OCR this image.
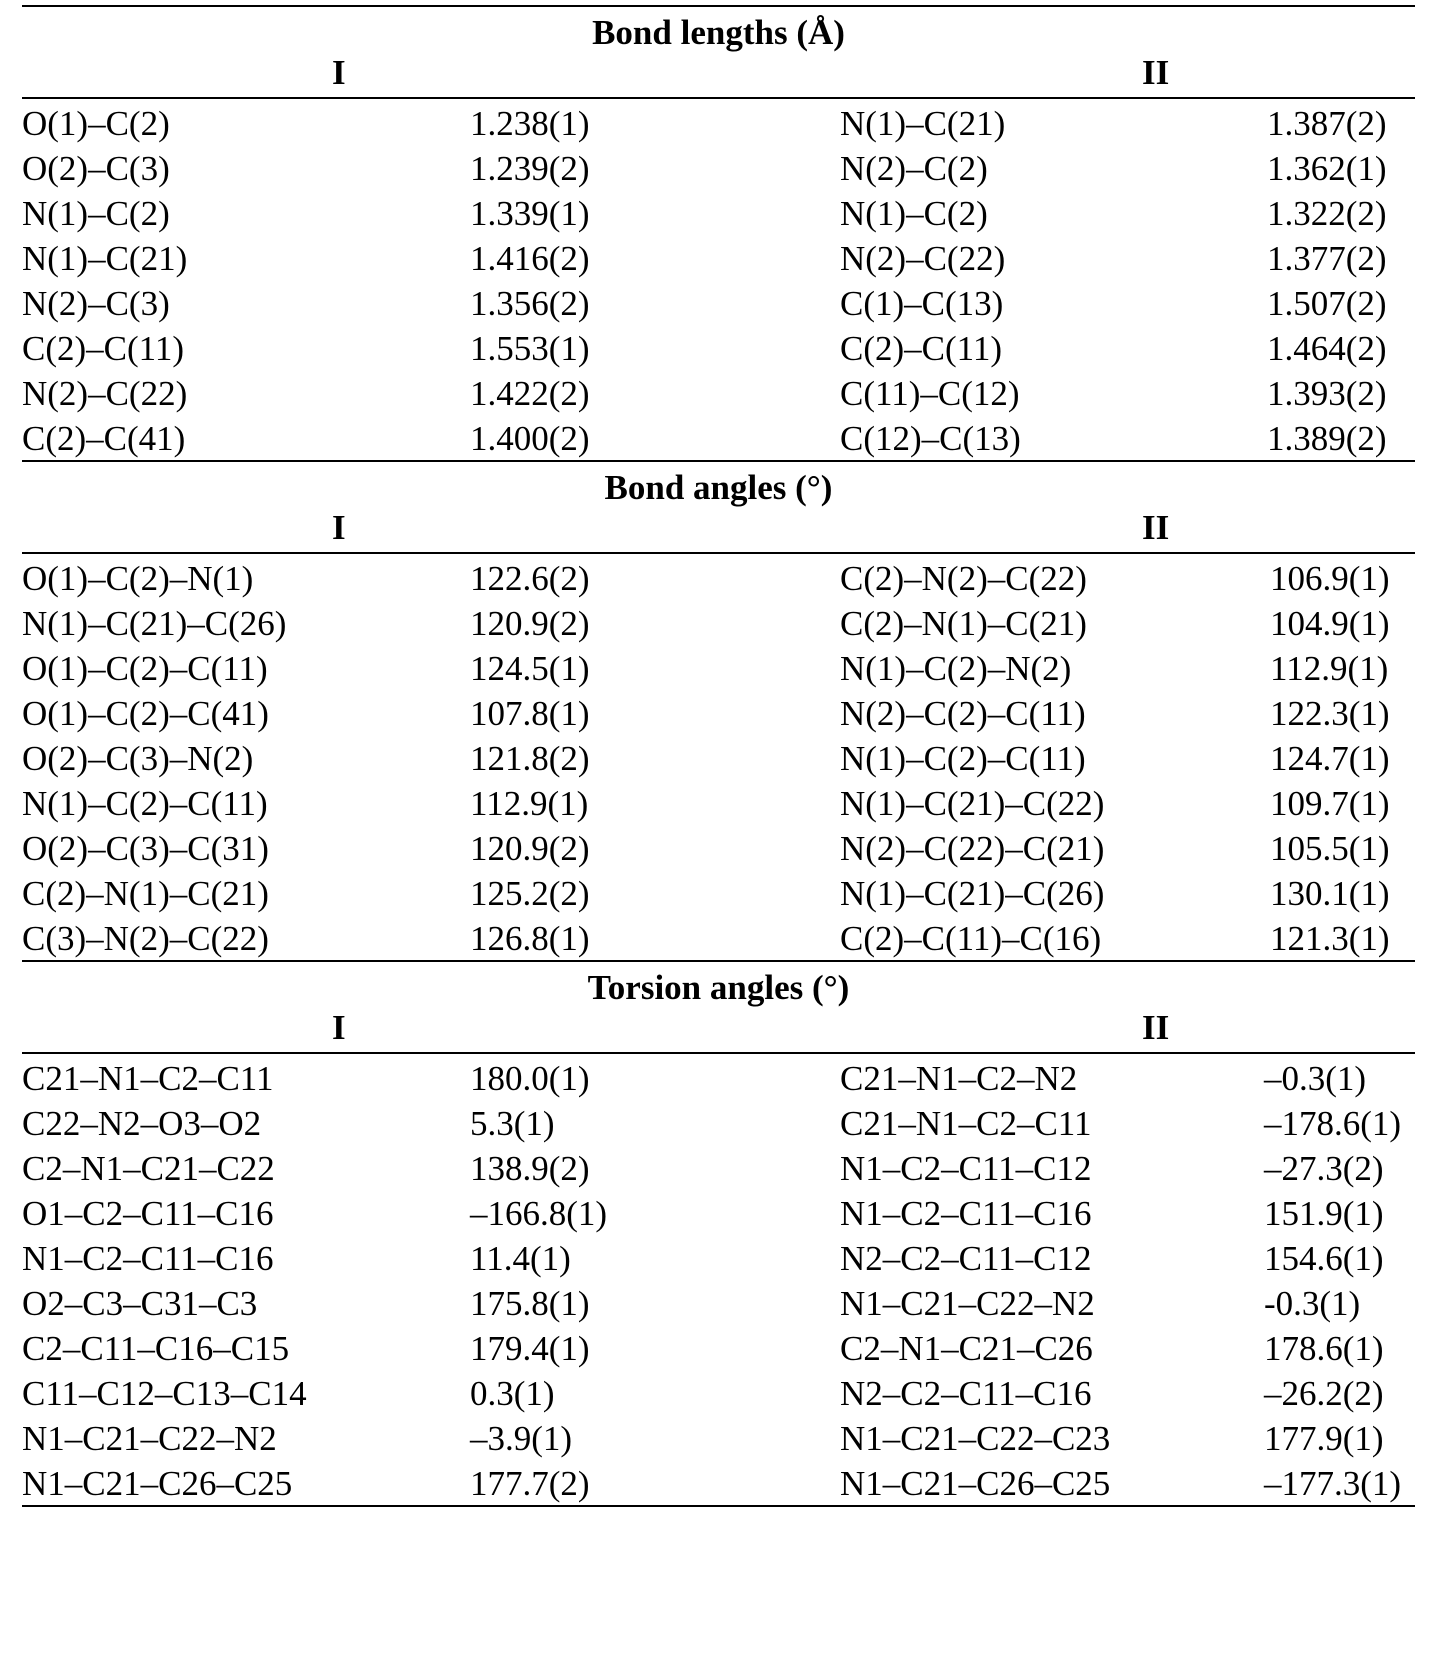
Bond lengths (Å)
I	II
O(1)–C(2)	1.238(1)	N(1)–C(21)	1.387(2)
O(2)–C(3)	1.239(2)	N(2)–C(2)	1.362(1)
N(1)–C(2)	1.339(1)	N(1)–C(2)	1.322(2)
N(1)–C(21)	1.416(2)	N(2)–C(22)	1.377(2)
N(2)–C(3)	1.356(2)	C(1)–C(13)	1.507(2)
C(2)–C(11)	1.553(1)	C(2)–C(11)	1.464(2)
N(2)–C(22)	1.422(2)	C(11)–C(12)	1.393(2)
C(2)–C(41)	1.400(2)	C(12)–C(13)	1.389(2)
Bond angles (°)
I	II
O(1)–C(2)–N(1)	122.6(2)	C(2)–N(2)–C(22)	106.9(1)
N(1)–C(21)–C(26)	120.9(2)	C(2)–N(1)–C(21)	104.9(1)
O(1)–C(2)–C(11)	124.5(1)	N(1)–C(2)–N(2)	112.9(1)
O(1)–C(2)–C(41)	107.8(1)	N(2)–C(2)–C(11)	122.3(1)
O(2)–C(3)–N(2)	121.8(2)	N(1)–C(2)–C(11)	124.7(1)
N(1)–C(2)–C(11)	112.9(1)	N(1)–C(21)–C(22)	109.7(1)
O(2)–C(3)–C(31)	120.9(2)	N(2)–C(22)–C(21)	105.5(1)
C(2)–N(1)–C(21)	125.2(2)	N(1)–C(21)–C(26)	130.1(1)
C(3)–N(2)–C(22)	126.8(1)	C(2)–C(11)–C(16)	121.3(1)
Torsion angles (°)
I	II
C21–N1–C2–C11	180.0(1)	C21–N1–C2–N2	–0.3(1)
C22–N2–O3–O2	5.3(1)	C21–N1–C2–C11	–178.6(1)
C2–N1–C21–C22	138.9(2)	N1–C2–C11–C12	–27.3(2)
O1–C2–C11–C16	–166.8(1)	N1–C2–C11–C16	151.9(1)
N1–C2–C11–C16	11.4(1)	N2–C2–C11–C12	154.6(1)
O2–C3–C31–C3	175.8(1)	N1–C21–C22–N2	-0.3(1)
C2–C11–C16–C15	179.4(1)	C2–N1–C21–C26	178.6(1)
C11–C12–C13–C14	0.3(1)	N2–C2–C11–C16	–26.2(2)
N1–C21–C22–N2	–3.9(1)	N1–C21–C22–C23	177.9(1)
N1–C21–C26–C25	177.7(2)	N1–C21–C26–C25	–177.3(1)
